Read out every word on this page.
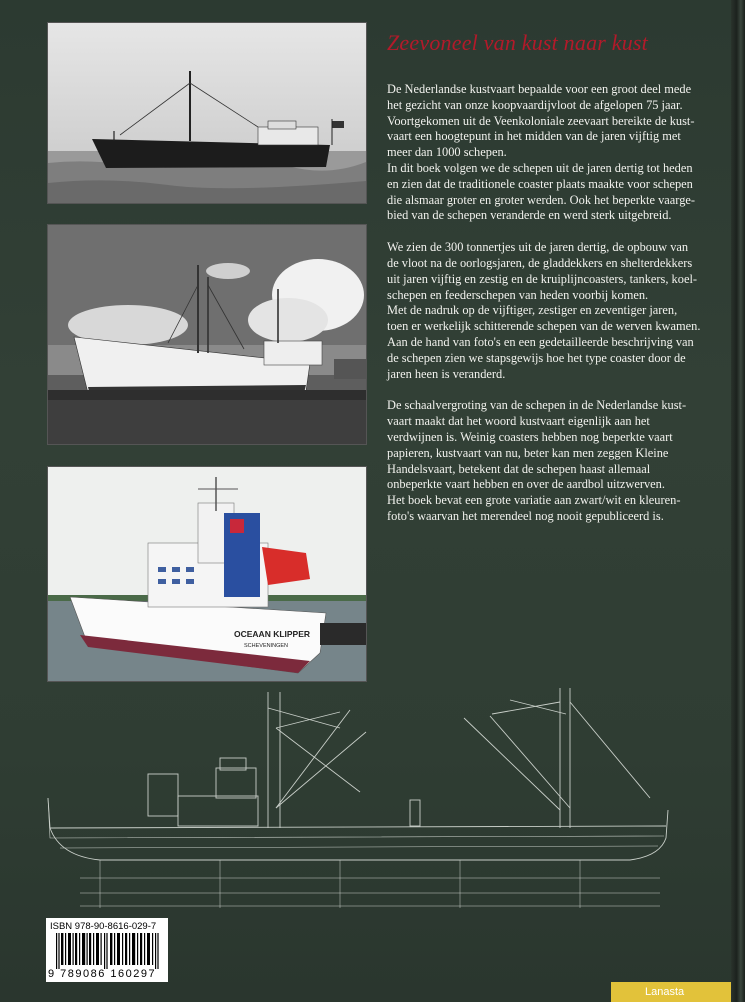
OCEAAN KLIPPER
SCHEVENINGEN
Zeevoneel van kust naar kust

De Nederlandse kustvaart bepaalde voor een groot deel mede
het gezicht van onze koopvaardijvloot de afgelopen 75 jaar.
Voortgekomen uit de Veenkoloniale zeevaart bereikte de kust-
vaart een hoogtepunt in het midden van de jaren vijftig met
meer dan 1000 schepen.
In dit boek volgen we de schepen uit de jaren dertig tot heden
en zien dat de traditionele coaster plaats maakte voor schepen
die alsmaar groter en groter werden. Ook het beperkte vaarge-
bied van de schepen veranderde en werd sterk uitgebreid.

We zien de 300 tonnertjes uit de jaren dertig, de opbouw van
de vloot na de oorlogsjaren, de gladdekkers en shelterdekkers
uit jaren vijftig en zestig en de kruiplijncoasters, tankers, koel-
schepen en feederschepen van heden voorbij komen.
Met de nadruk op de vijftiger, zestiger en zeventiger jaren,
toen er werkelijk schitterende schepen van de werven kwamen.
Aan de hand van foto's en een gedetailleerde beschrijving van
de schepen zien we stapsgewijs hoe het type coaster door de
jaren heen is veranderd.

De schaalvergroting van de schepen in de Nederlandse kust-
vaart maakt dat het woord kustvaart eigenlijk aan het
verdwijnen is. Weinig coasters hebben nog beperkte vaart
papieren, kustvaart van nu, beter kan men zeggen Kleine
Handelsvaart, betekent dat de schepen haast allemaal
onbeperkte vaart hebben en over de aardbol uitzwerven.
Het boek bevat een grote variatie aan zwart/wit en kleuren-
foto's waarvan het merendeel nog nooit gepubliceerd is.

ISBN 978-90-8616-029-7
9 789086 160297
Lanasta
